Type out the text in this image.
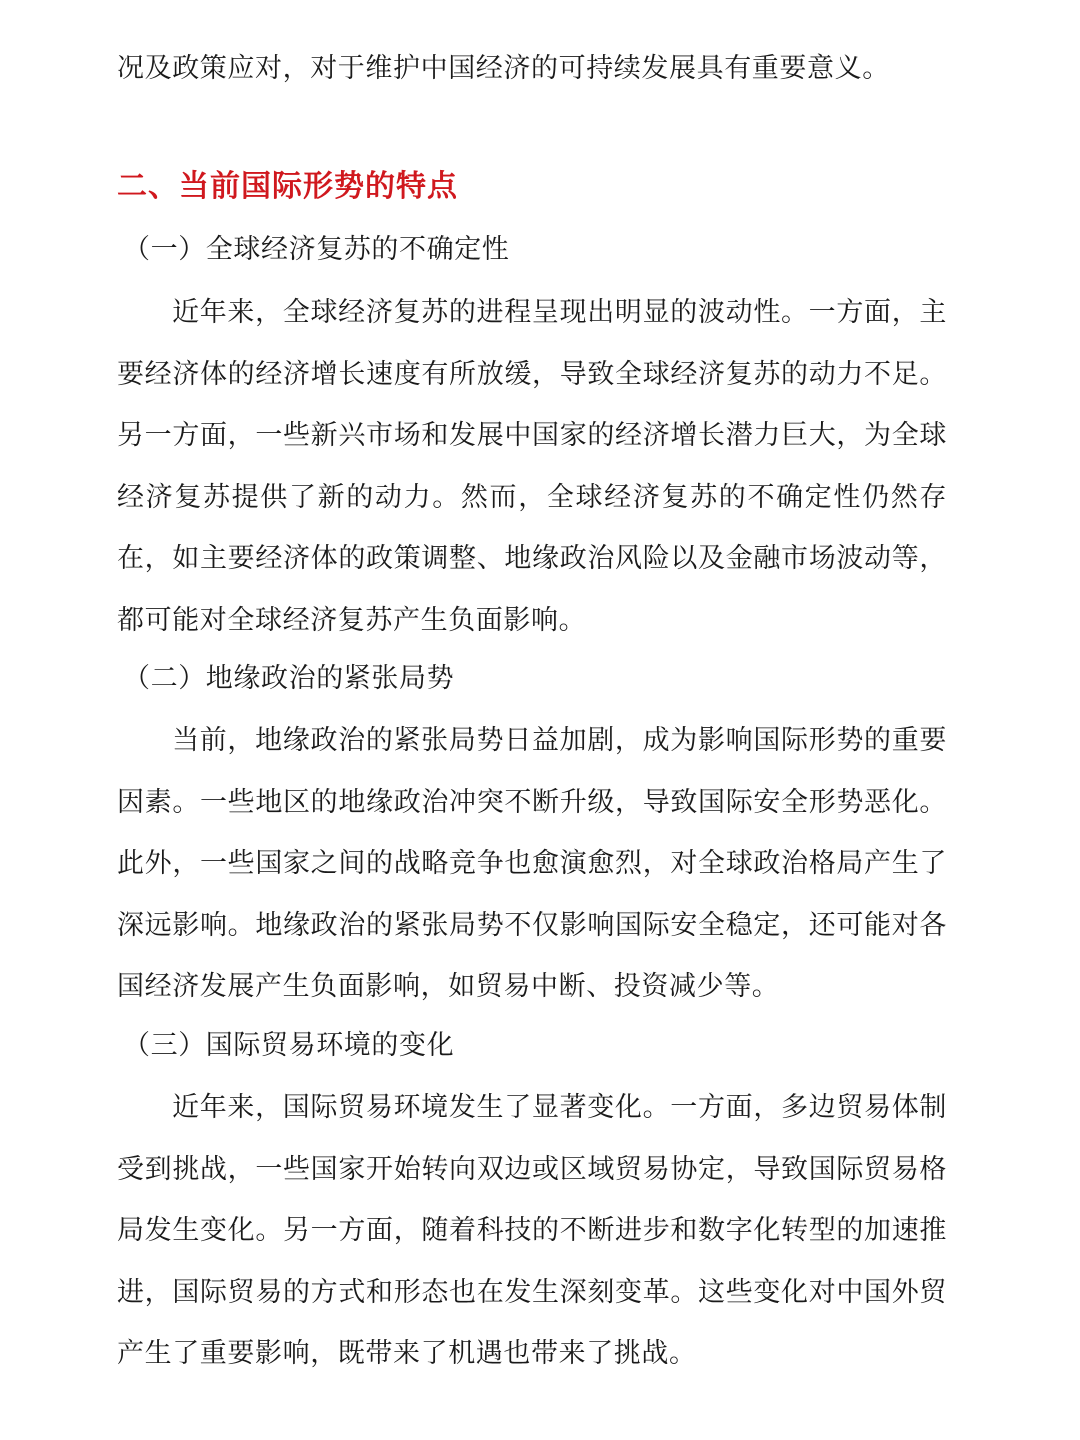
况及政策应对，对于维护中国经济的可持续发展具有重要意义。
二、当前国际形势的特点
（一）全球经济复苏的不确定性
近年来，全球经济复苏的进程呈现出明显的波动性。一方面，主要经济体的经济增长速度有所放缓，导致全球经济复苏的动力不足。另一方面，一些新兴市场和发展中国家的经济增长潜力巨大，为全球经济复苏提供了新的动力。然而，全球经济复苏的不确定性仍然存在，如主要经济体的政策调整、地缘政治风险以及金融市场波动等，都可能对全球经济复苏产生负面影响。
（二）地缘政治的紧张局势
当前，地缘政治的紧张局势日益加剧，成为影响国际形势的重要因素。一些地区的地缘政治冲突不断升级，导致国际安全形势恶化。此外，一些国家之间的战略竞争也愈演愈烈，对全球政治格局产生了深远影响。地缘政治的紧张局势不仅影响国际安全稳定，还可能对各国经济发展产生负面影响，如贸易中断、投资减少等。
（三）国际贸易环境的变化
近年来，国际贸易环境发生了显著变化。一方面，多边贸易体制受到挑战，一些国家开始转向双边或区域贸易协定，导致国际贸易格局发生变化。另一方面，随着科技的不断进步和数字化转型的加速推进，国际贸易的方式和形态也在发生深刻变革。这些变化对中国外贸产生了重要影响，既带来了机遇也带来了挑战。
